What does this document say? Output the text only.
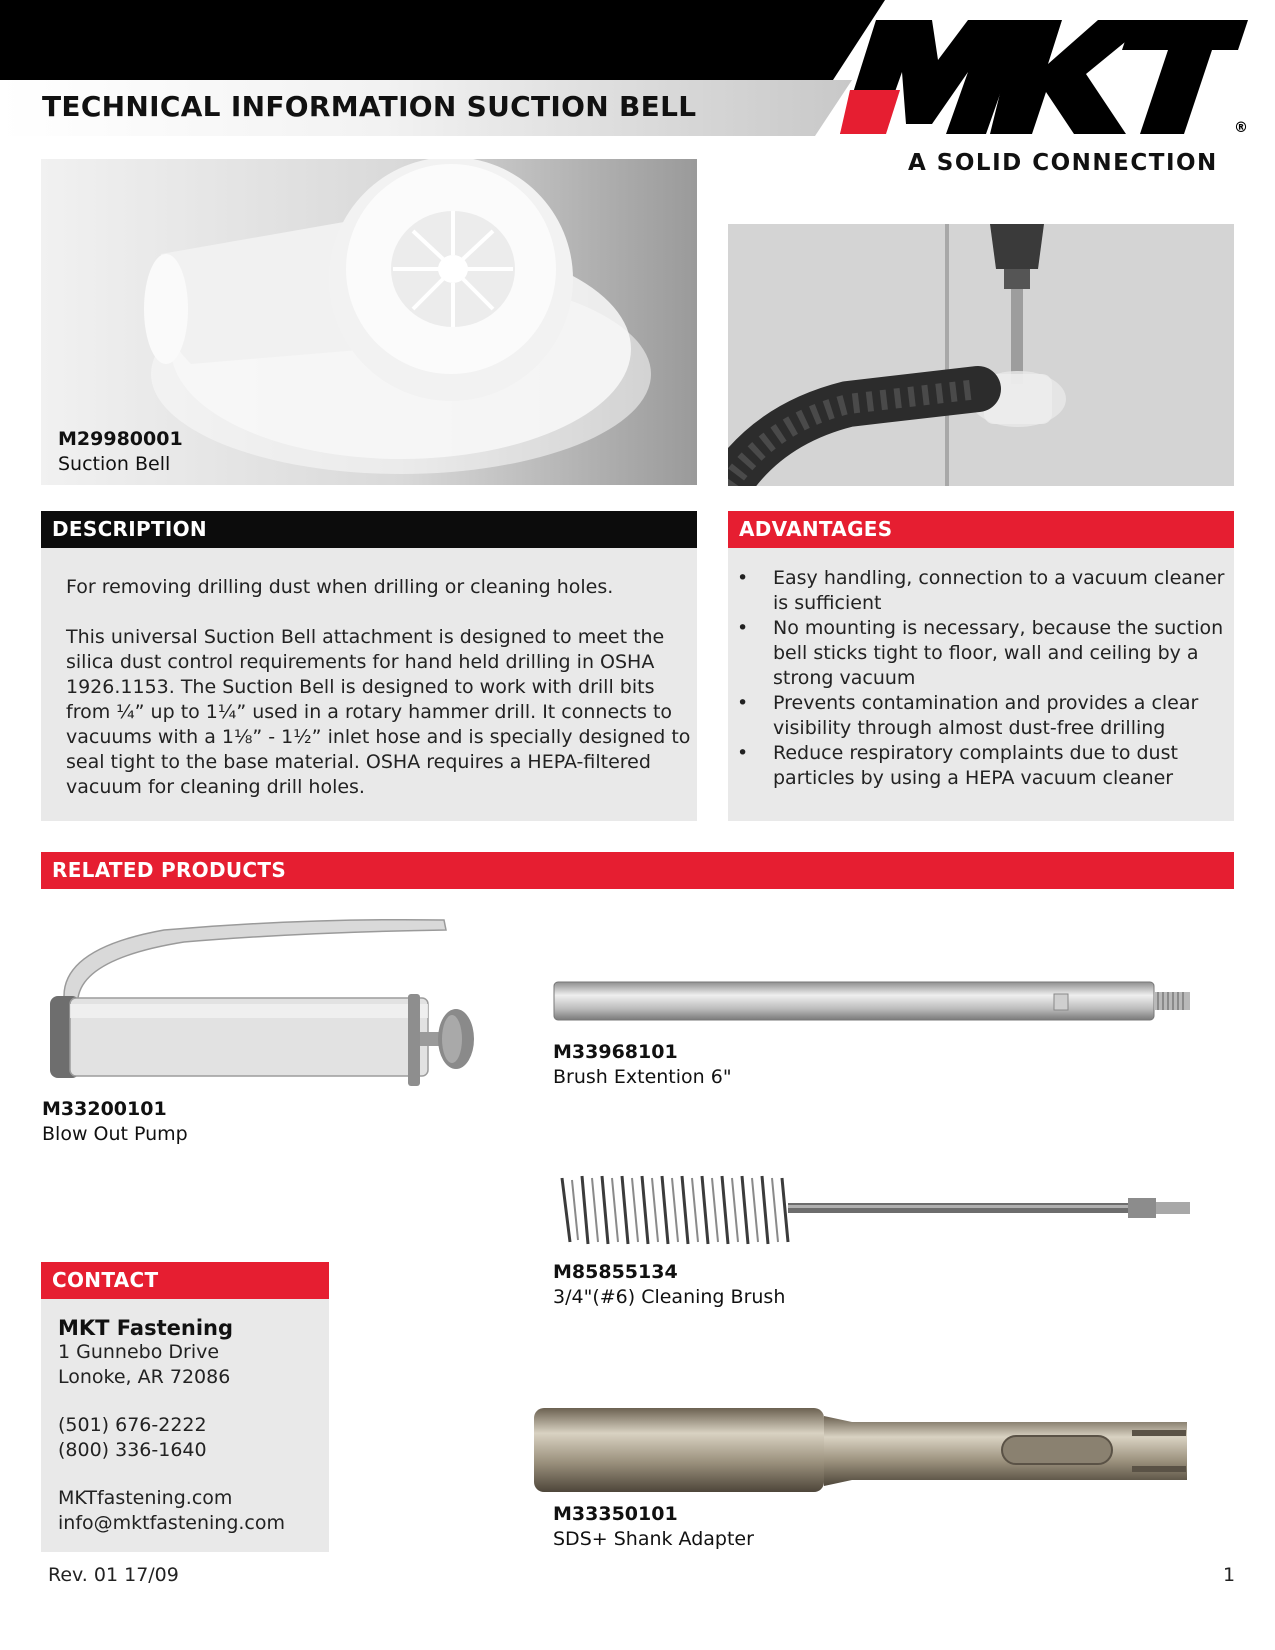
TECHNICAL INFORMATION SUCTION BELL
®
A SOLID CONNECTION
M29980001
Suction Bell
DESCRIPTION

For removing drilling dust when drilling or cleaning holes.

This universal Suction Bell attachment is designed to meet the silica dust control requirements for hand held drilling in OSHA 1926.1153. The Suction Bell is designed to work with drill bits from ¼” up to 1¼” used in a rotary hammer drill. It connects to vacuums with a 1⅛” - 1½” inlet hose and is specially designed to seal tight to the base material. OSHA requires a HEPA-filtered vacuum for cleaning drill holes.

ADVANTAGES
• Easy handling, connection to a vacuum cleaner is sufficient
• No mounting is necessary, because the suction bell sticks tight to floor, wall and ceiling by a strong vacuum
• Prevents contamination and provides a clear visibility through almost dust-free drilling
• Reduce respiratory complaints due to dust particles by using a HEPA vacuum cleaner
RELATED PRODUCTS
M33200101
Blow Out Pump
M33968101
Brush Extention 6"
M85855134
3/4"(#6) Cleaning Brush
M33350101
SDS+ Shank Adapter
CONTACT
MKT Fastening
1 Gunnebo Drive
Lonoke, AR 72086
(501) 676-2222
(800) 336-1640
MKTfastening.com
info@mktfastening.com
Rev. 01 17/09	1
